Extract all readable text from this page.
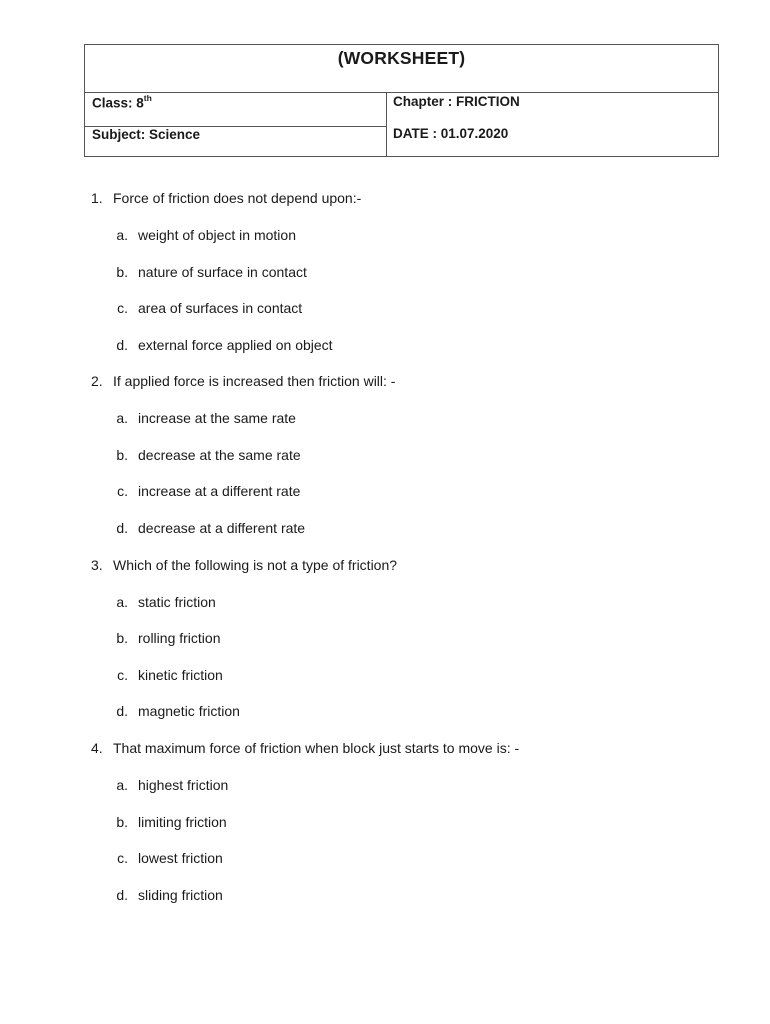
(WORKSHEET)
Class: 8th	Chapter : FRICTION
Subject: Science	DATE : 01.07.2020
1. Force of friction does not depend upon:-
a. weight of object in motion
b. nature of surface in contact
c. area of surfaces in contact
d. external force applied on object
2. If applied force is increased then friction will: -
a. increase at the same rate
b. decrease at the same rate
c. increase at a different rate
d. decrease at a different rate
3. Which of the following is not a type of friction?
a. static friction
b. rolling friction
c. kinetic friction
d. magnetic friction
4. That maximum force of friction when block just starts to move is: -
a. highest friction
b. limiting friction
c. lowest friction
d. sliding friction
